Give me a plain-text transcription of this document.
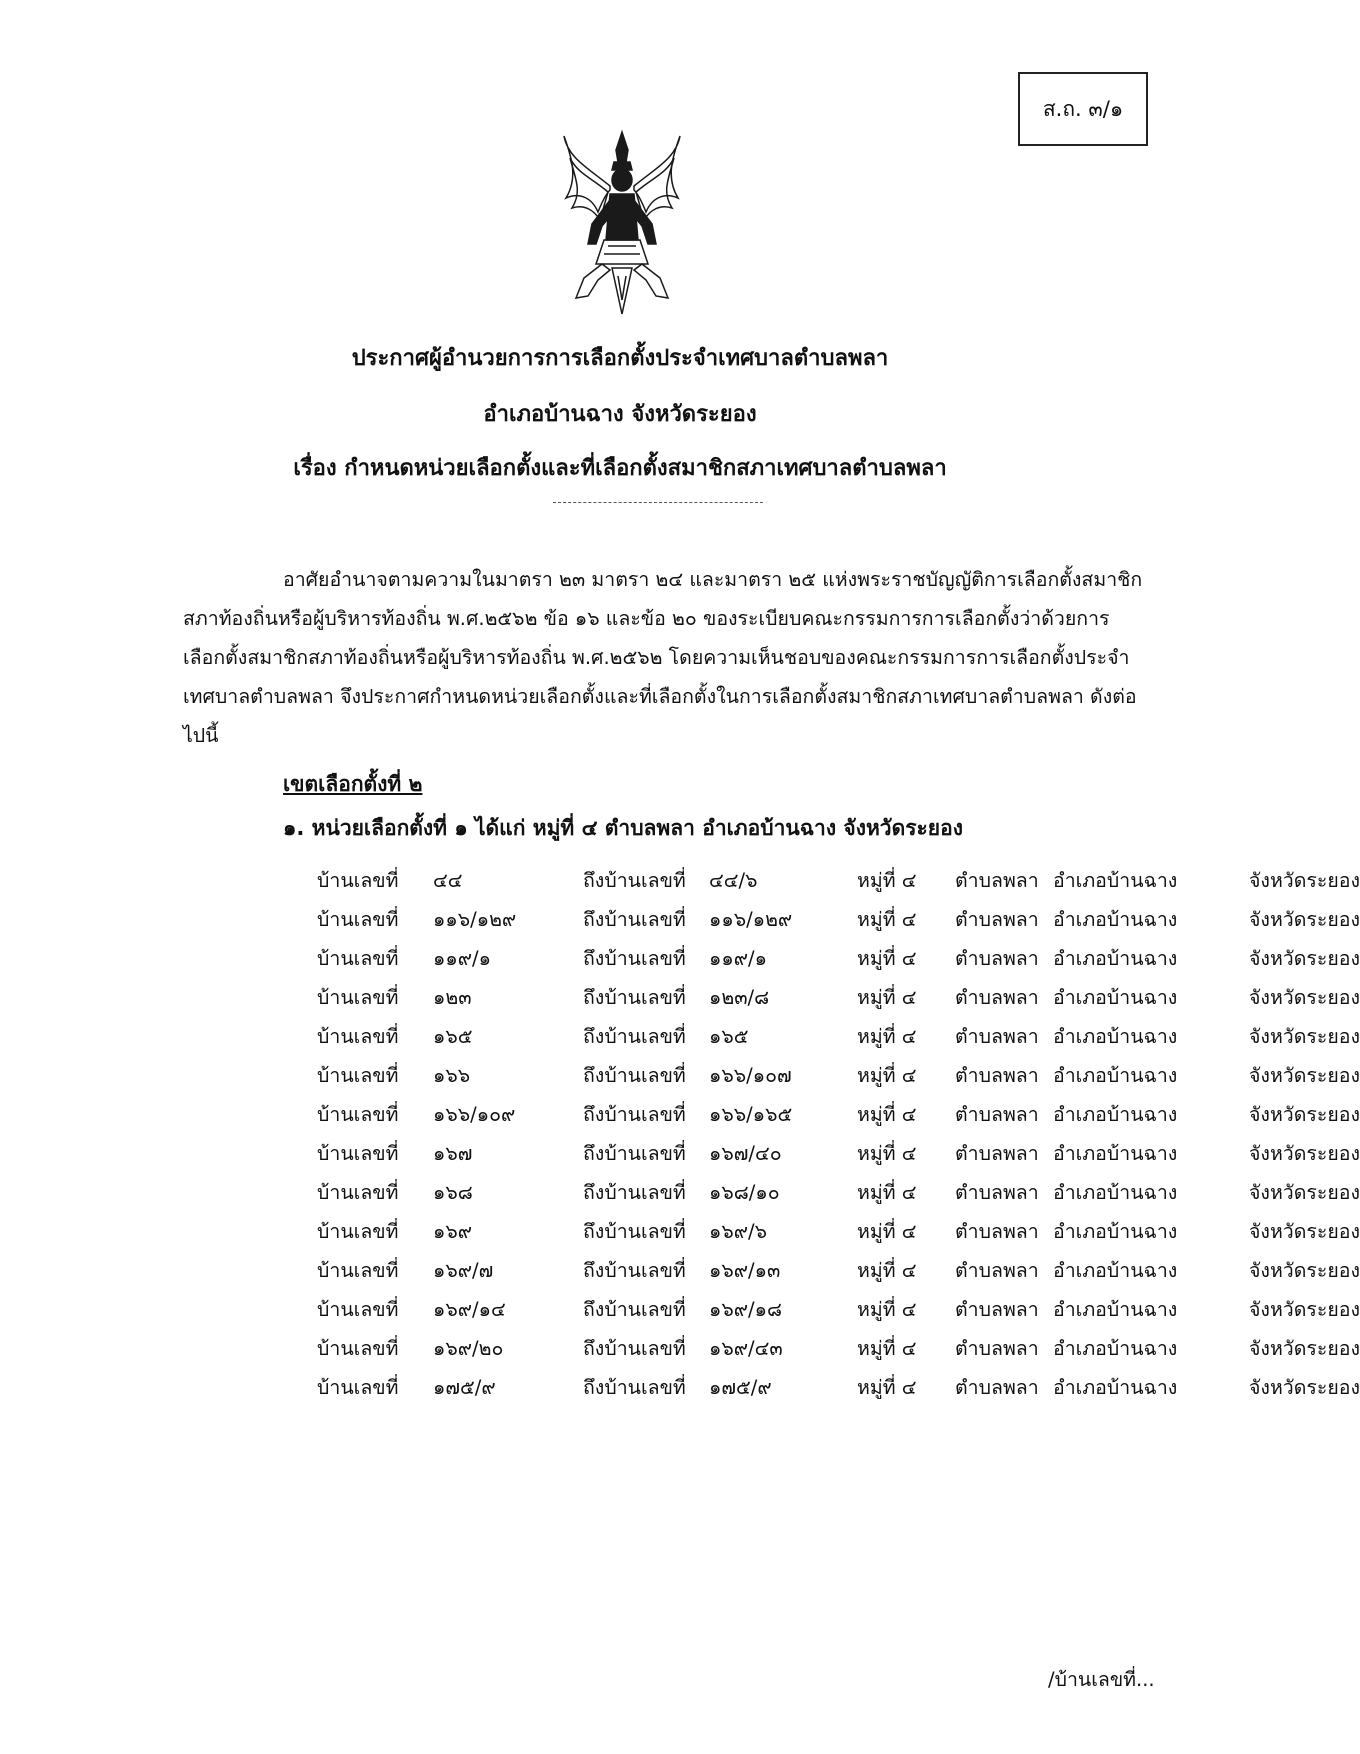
ส.ถ. ๓/๑
ประกาศผู้อำนวยการการเลือกตั้งประจำเทศบาลตำบลพลา
อำเภอบ้านฉาง จังหวัดระยอง
เรื่อง กำหนดหน่วยเลือกตั้งและที่เลือกตั้งสมาชิกสภาเทศบาลตำบลพลา

อาศัยอำนาจตามความในมาตรา ๒๓ มาตรา ๒๔ และมาตรา ๒๕ แห่งพระราชบัญญัติการเลือกตั้งสมาชิกสภาท้องถิ่นหรือผู้บริหารท้องถิ่น พ.ศ.๒๕๖๒ ข้อ ๑๖ และข้อ ๒๐ ของระเบียบคณะกรรมการการเลือกตั้งว่าด้วยการเลือกตั้งสมาชิกสภาท้องถิ่นหรือผู้บริหารท้องถิ่น พ.ศ.๒๕๖๒ โดยความเห็นชอบของคณะกรรมการการเลือกตั้งประจำเทศบาลตำบลพลา จึงประกาศกำหนดหน่วยเลือกตั้งและที่เลือกตั้งในการเลือกตั้งสมาชิกสภาเทศบาลตำบลพลา ดังต่อไปนี้

เขตเลือกตั้งที่ ๒
๑. หน่วยเลือกตั้งที่ ๑ ได้แก่ หมู่ที่ ๔ ตำบลพลา อำเภอบ้านฉาง จังหวัดระยอง
บ้านเลขที่ ๔๔	ถึงบ้านเลขที่ ๔๔/๖	หมู่ที่ ๔ ตำบลพลา อำเภอบ้านฉาง	จังหวัดระยอง
บ้านเลขที่ ๑๑๖/๑๒๙	ถึงบ้านเลขที่ ๑๑๖/๑๒๙	หมู่ที่ ๔ ตำบลพลา อำเภอบ้านฉาง	จังหวัดระยอง
บ้านเลขที่ ๑๑๙/๑	ถึงบ้านเลขที่ ๑๑๙/๑	หมู่ที่ ๔ ตำบลพลา อำเภอบ้านฉาง	จังหวัดระยอง
บ้านเลขที่ ๑๒๓	ถึงบ้านเลขที่ ๑๒๓/๘	หมู่ที่ ๔ ตำบลพลา อำเภอบ้านฉาง	จังหวัดระยอง
บ้านเลขที่ ๑๖๕	ถึงบ้านเลขที่ ๑๖๕	หมู่ที่ ๔ ตำบลพลา อำเภอบ้านฉาง	จังหวัดระยอง
บ้านเลขที่ ๑๖๖	ถึงบ้านเลขที่ ๑๖๖/๑๐๗	หมู่ที่ ๔ ตำบลพลา อำเภอบ้านฉาง	จังหวัดระยอง
บ้านเลขที่ ๑๖๖/๑๐๙	ถึงบ้านเลขที่ ๑๖๖/๑๖๕	หมู่ที่ ๔ ตำบลพลา อำเภอบ้านฉาง	จังหวัดระยอง
บ้านเลขที่ ๑๖๗	ถึงบ้านเลขที่ ๑๖๗/๔๐	หมู่ที่ ๔ ตำบลพลา อำเภอบ้านฉาง	จังหวัดระยอง
บ้านเลขที่ ๑๖๘	ถึงบ้านเลขที่ ๑๖๘/๑๐	หมู่ที่ ๔ ตำบลพลา อำเภอบ้านฉาง	จังหวัดระยอง
บ้านเลขที่ ๑๖๙	ถึงบ้านเลขที่ ๑๖๙/๖	หมู่ที่ ๔ ตำบลพลา อำเภอบ้านฉาง	จังหวัดระยอง
บ้านเลขที่ ๑๖๙/๗	ถึงบ้านเลขที่ ๑๖๙/๑๓	หมู่ที่ ๔ ตำบลพลา อำเภอบ้านฉาง	จังหวัดระยอง
บ้านเลขที่ ๑๖๙/๑๔	ถึงบ้านเลขที่ ๑๖๙/๑๘	หมู่ที่ ๔ ตำบลพลา อำเภอบ้านฉาง	จังหวัดระยอง
บ้านเลขที่ ๑๖๙/๒๐	ถึงบ้านเลขที่ ๑๖๙/๔๓	หมู่ที่ ๔ ตำบลพลา อำเภอบ้านฉาง	จังหวัดระยอง
บ้านเลขที่ ๑๗๕/๙	ถึงบ้านเลขที่ ๑๗๕/๙	หมู่ที่ ๔ ตำบลพลา อำเภอบ้านฉาง	จังหวัดระยอง
/บ้านเลขที่...
